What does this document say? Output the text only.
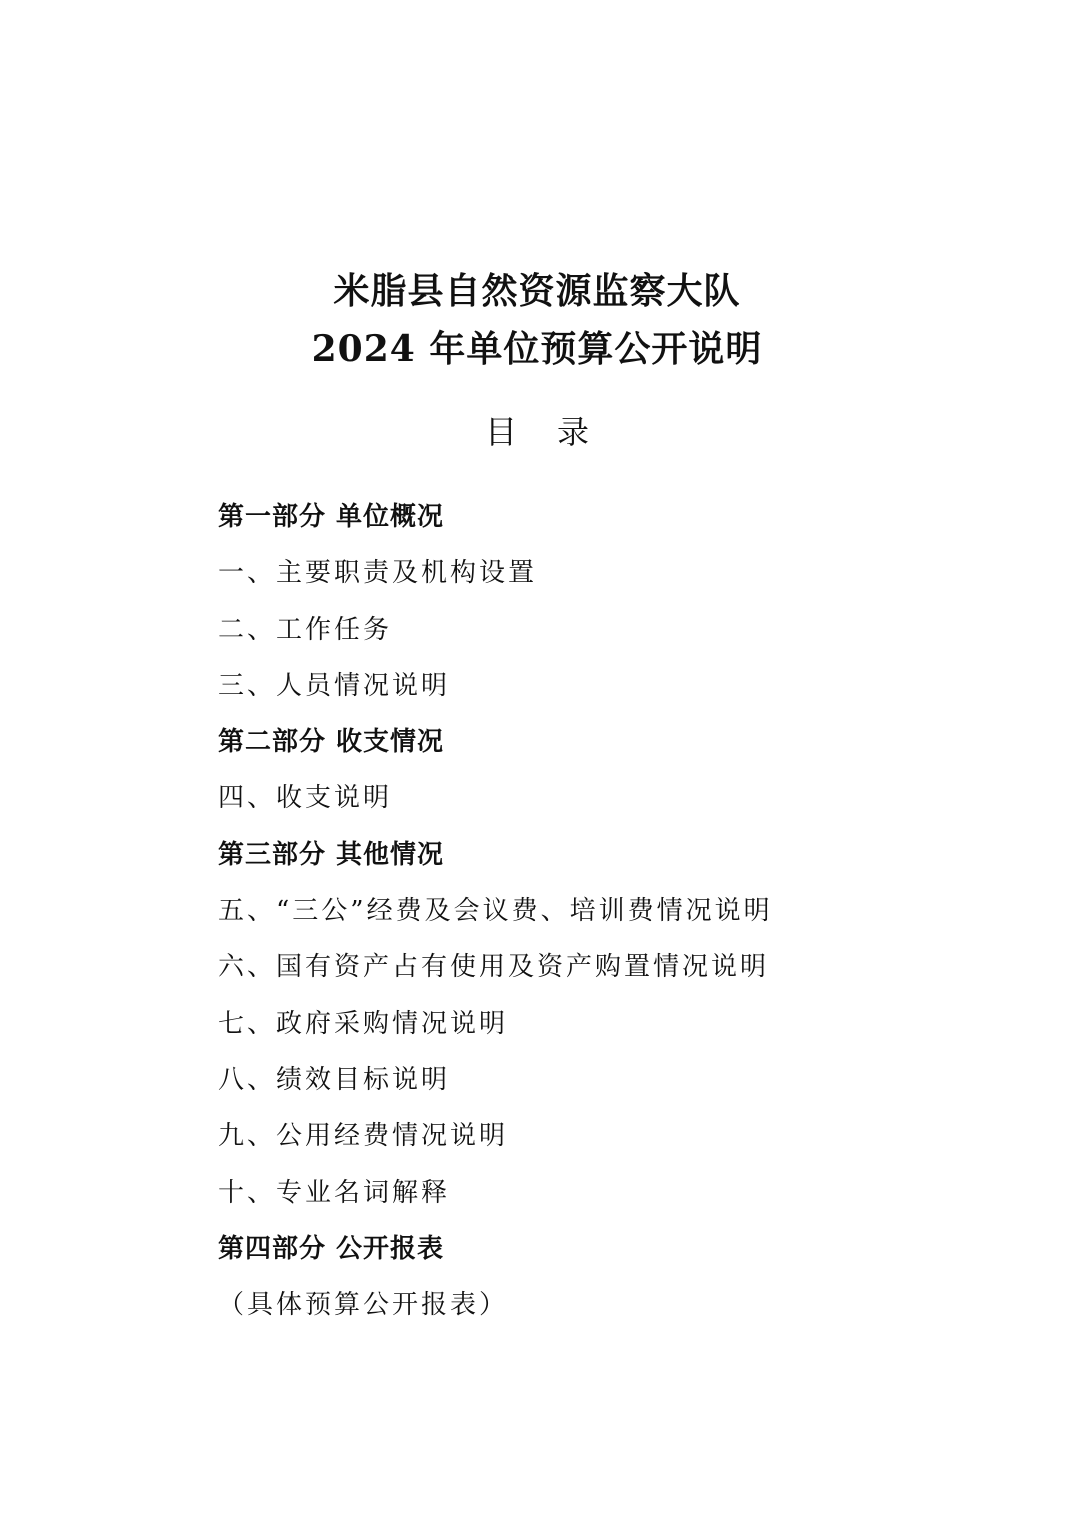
米脂县自然资源监察大队
2024 年单位预算公开说明
目录
第一部分 单位概况
一、主要职责及机构设置
二、工作任务
三、人员情况说明
第二部分 收支情况
四、收支说明
第三部分 其他情况
五、“三公”经费及会议费、培训费情况说明
六、国有资产占有使用及资产购置情况说明
七、政府采购情况说明
八、绩效目标说明
九、公用经费情况说明
十、专业名词解释
第四部分 公开报表
（具体预算公开报表）
